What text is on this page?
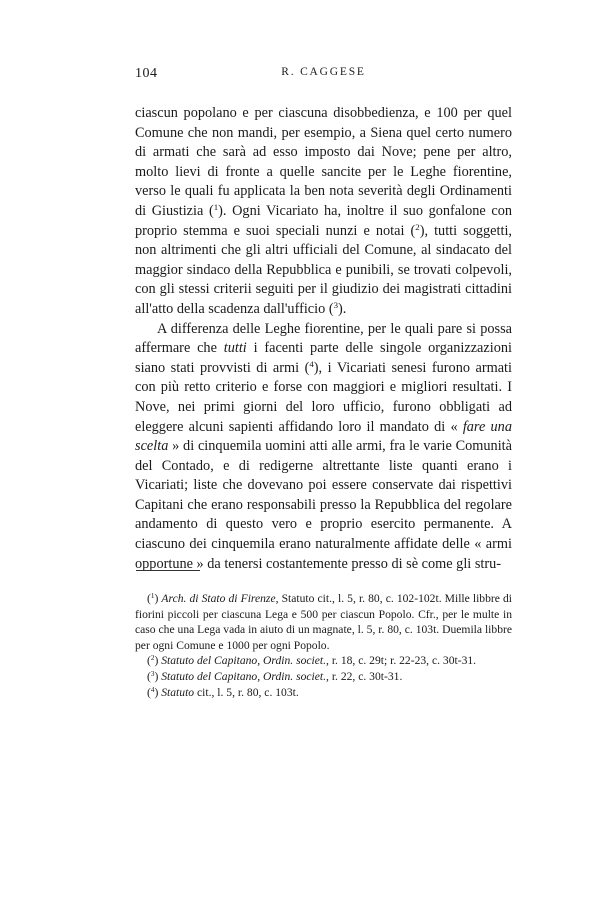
104	R. CAGGESE

ciascun popolano e per ciascuna disobbedienza, e 100 per quel Comune che non mandi, per esempio, a Siena quel certo numero di armati che sarà ad esso imposto dai Nove; pene per altro, molto lievi di fronte a quelle sancite per le Leghe fiorentine, verso le quali fu applicata la ben nota severità degli Ordinamenti di Giustizia ($^1$). Ogni Vicariato ha, inoltre il suo gonfalone con proprio stemma e suoi speciali nunzi e notai ($^2$), tutti soggetti, non altrimenti che gli altri ufficiali del Comune, al sindacato del maggior sindaco della Repubblica e punibili, se trovati colpevoli, con gli stessi criterii seguiti per il giudizio dei magistrati cittadini all'atto della scadenza dall'ufficio ($^3$).

A differenza delle Leghe fiorentine, per le quali pare si possa affermare che tutti i facenti parte delle singole organizzazioni siano stati provvisti di armi ($^4$), i Vicariati senesi furono armati con più retto criterio e forse con maggiori e migliori resultati. I Nove, nei primi giorni del loro ufficio, furono obbligati ad eleggere alcuni sapienti affidando loro il mandato di « fare una scelta » di cinquemila uomini atti alle armi, fra le varie Comunità del Contado, e di redigerne altrettante liste quanti erano i Vicariati; liste che dovevano poi essere conservate dai rispettivi Capitani che erano responsabili presso la Repubblica del regolare andamento di questo vero e proprio esercito permanente. A ciascuno dei cinquemila erano naturalmente affidate delle « armi opportune » da tenersi costantemente presso di sè come gli stru-

($^1$) Arch. di Stato di Firenze, Statuto cit., l. 5, r. 80, c. 102-102t. Mille libbre di fiorini piccoli per ciascuna Lega e 500 per ciascun Popolo. Cfr., per le multe in caso che una Lega vada in aiuto di un magnate, l. 5, r. 80, c. 103t. Duemila libbre per ogni Comune e 1000 per ogni Popolo.

($^2$) Statuto del Capitano, Ordin. societ., r. 18, c. 29t; r. 22-23, c. 30t-31.

($^3$) Statuto del Capitano, Ordin. societ., r. 22, c. 30t-31.

($^4$) Statuto cit., l. 5, r. 80, c. 103t.
